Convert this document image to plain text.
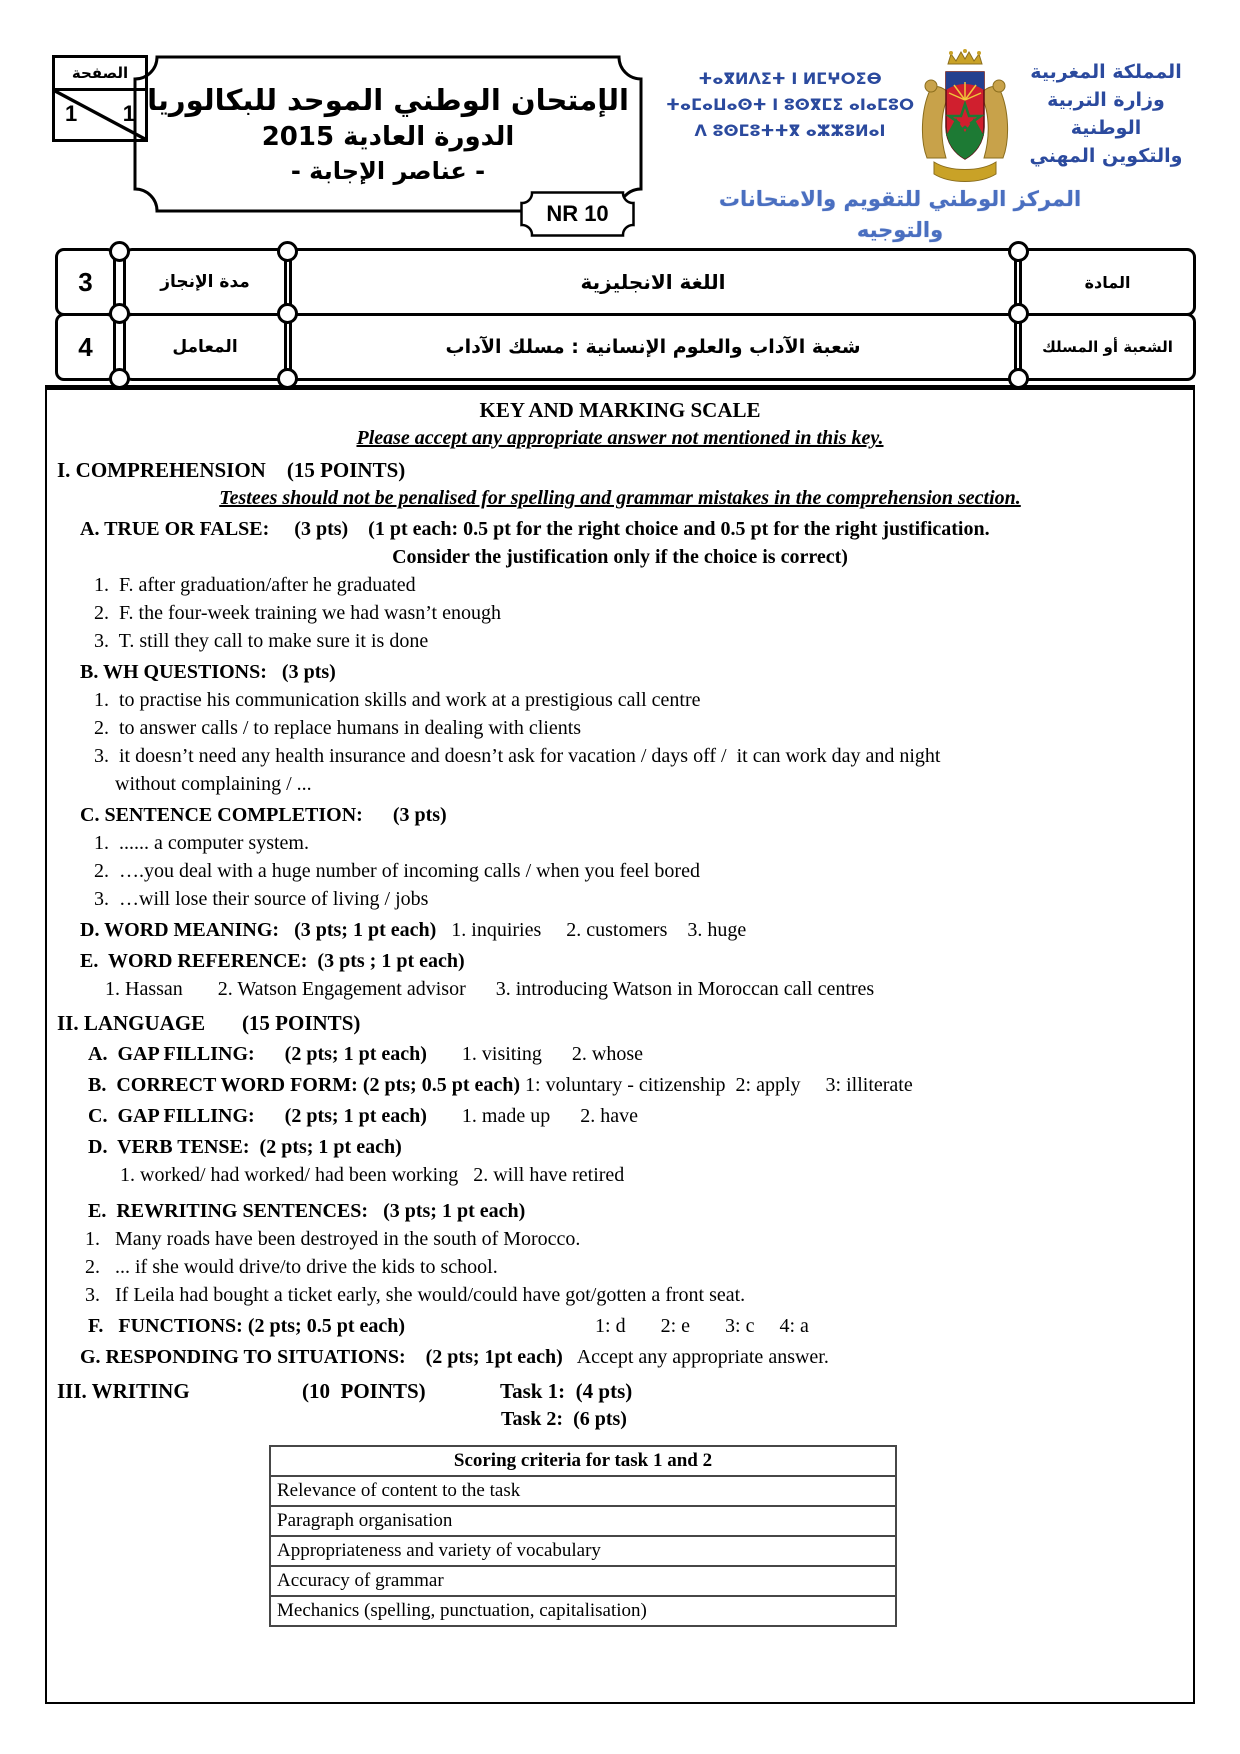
الصفحة
1 1 الإمتحان الوطني الموحد للبكالوريا
الدورة العادية 2015
- عناصر الإجابة -
NR 10
ⵜⴰⴳⵍⴷⵉⵜ ⵏ ⵍⵎⵖⵔⵉⴱ
ⵜⴰⵎⴰⵡⴰⵙⵜ ⵏ ⵓⵙⴳⵎⵉ ⴰⵏⴰⵎⵓⵔ
ⴷ ⵓⵙⵎⵓⵜⵜⴳ ⴰⵣⵣⵓⵍⴰⵏ
المملكة المغربية
وزارة التربية الوطنية
والتكوين المهني
المركز الوطني للتقويم والامتحانات
والتوجيه
3	مدة الإنجاز	اللغة الانجليزية	المادة
4	المعامل	شعبة الآداب والعلوم الإنسانية : مسلك الآداب	الشعبة أو المسلك
KEY AND MARKING SCALE
Please accept any appropriate answer not mentioned in this key.
I. COMPREHENSION    (15 POINTS)
Testees should not be penalised for spelling and grammar mistakes in the comprehension section.
A. TRUE OR FALSE:     (3 pts)    (1 pt each: 0.5 pt for the right choice and 0.5 pt for the right justification.
Consider the justification only if the choice is correct)
1.  F. after graduation/after he graduated
2.  F. the four-week training we had wasn’t enough
3.  T. still they call to make sure it is done
B. WH QUESTIONS:   (3 pts)
1.  to practise his communication skills and work at a prestigious call centre
2.  to answer calls / to replace humans in dealing with clients
3.  it doesn’t need any health insurance and doesn’t ask for vacation / days off /  it can work day and night
without complaining / ...
C. SENTENCE COMPLETION:      (3 pts)
1.  ...... a computer system.
2.  ….you deal with a huge number of incoming calls / when you feel bored
3.  …will lose their source of living / jobs
D. WORD MEANING:   (3 pts; 1 pt each)   1. inquiries     2. customers    3. huge
E.  WORD REFERENCE:  (3 pts ; 1 pt each)
1. Hassan       2. Watson Engagement advisor      3. introducing Watson in Moroccan call centres
II. LANGUAGE       (15 POINTS)
A.  GAP FILLING:      (2 pts; 1 pt each)       1. visiting      2. whose
B.  CORRECT WORD FORM: (2 pts; 0.5 pt each) 1: voluntary - citizenship  2: apply     3: illiterate
C.  GAP FILLING:      (2 pts; 1 pt each)       1. made up      2. have
D.  VERB TENSE:  (2 pts; 1 pt each)
1. worked/ had worked/ had been working   2. will have retired
E.  REWRITING SENTENCES:   (3 pts; 1 pt each)
1.   Many roads have been destroyed in the south of Morocco.
2.   ... if she would drive/to drive the kids to school.
3.   If Leila had bought a ticket early, she would/could have got/gotten a front seat.
F.   FUNCTIONS: (2 pts; 0.5 pt each)	1: d       2: e       3: c     4: a
G. RESPONDING TO SITUATIONS:    (2 pts; 1pt each)   Accept any appropriate answer.
III. WRITING	(10  POINTS)	Task 1:  (4 pts)
Task 2:  (6 pts)
Scoring criteria for task 1 and 2
Relevance of content to the task
Paragraph organisation
Appropriateness and variety of vocabulary
Accuracy of grammar
Mechanics (spelling, punctuation, capitalisation)
